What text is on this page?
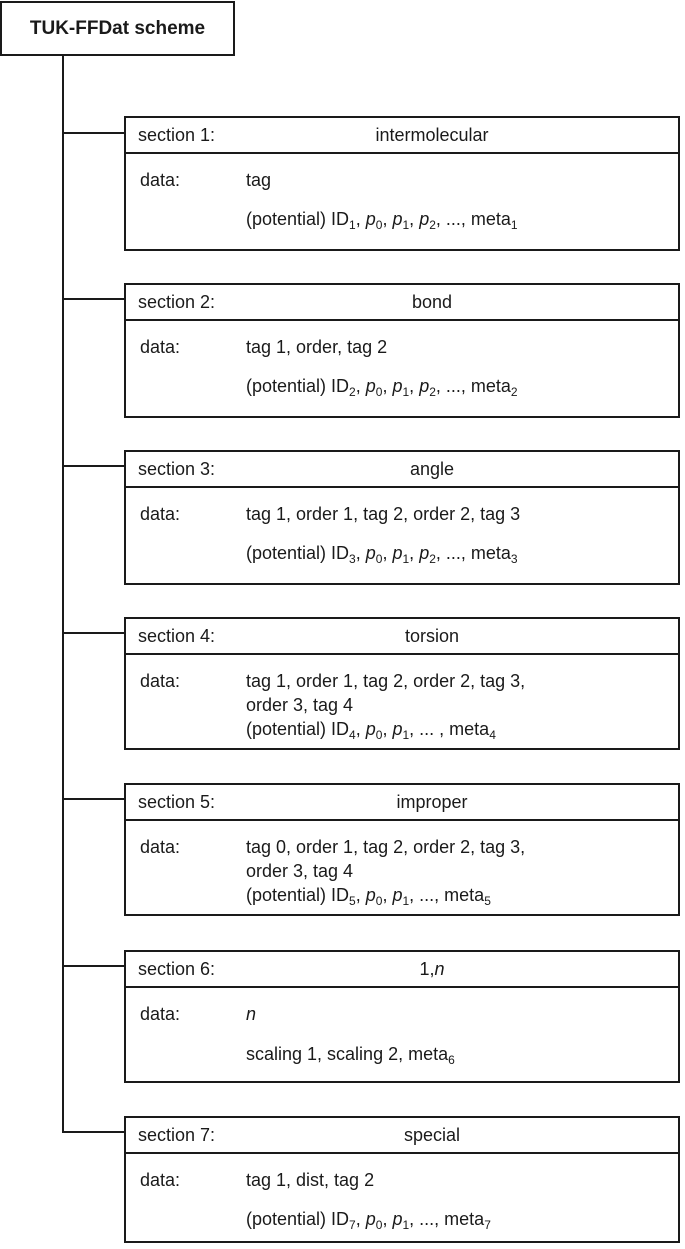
TUK-FFDat scheme
section 1:	intermolecular
data:	tag
(potential) $ID_1$, $p_0$, $p_1$, $p_2$, ..., meta$_1$
section 2:	bond
data:	tag 1, order, tag 2
(potential) $ID_2$, $p_0$, $p_1$, $p_2$, ..., meta$_2$
section 3:	angle
data:	tag 1, order 1, tag 2, order 2, tag 3
(potential) $ID_3$, $p_0$, $p_1$, $p_2$, ..., meta$_3$
section 4:	torsion
data:	tag 1, order 1, tag 2, order 2, tag 3,
order 3, tag 4
(potential) $ID_4$, $p_0$, $p_1$, ... , meta$_4$
section 5:	improper
data:	tag 0, order 1, tag 2, order 2, tag 3,
order 3, tag 4
(potential) $ID_5$, $p_0$, $p_1$, ..., meta$_5$
section 6:	1,n
data:	n
scaling 1, scaling 2, meta$_6$
section 7:	special
data:	tag 1, dist, tag 2
(potential) $ID_7$, $p_0$, $p_1$, ..., meta$_7$
